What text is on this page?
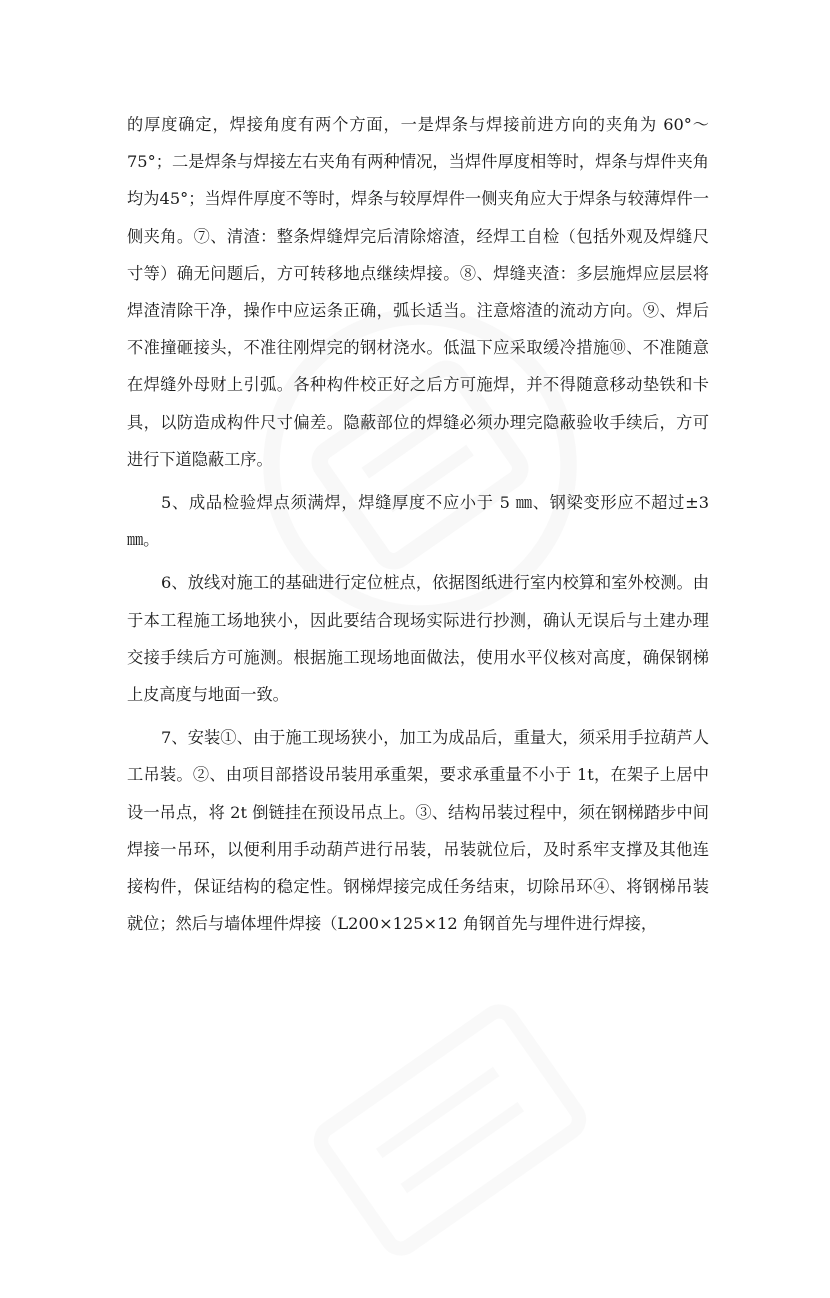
的厚度确定，焊接角度有两个方面，一是焊条与焊接前进方向的夹角为 60°～75°；二是焊条与焊接左右夹角有两种情况，当焊件厚度相等时，焊条与焊件夹角均为45°；当焊件厚度不等时，焊条与较厚焊件一侧夹角应大于焊条与较薄焊件一侧夹角。⑦、清渣：整条焊缝焊完后清除熔渣，经焊工自检（包括外观及焊缝尺寸等）确无问题后，方可转移地点继续焊接。⑧、焊缝夹渣：多层施焊应层层将焊渣清除干净，操作中应运条正确，弧长适当。注意熔渣的流动方向。⑨、焊后不准撞砸接头，不准往刚焊完的钢材浇水。低温下应采取缓冷措施⑩、不准随意在焊缝外母财上引弧。各种构件校正好之后方可施焊，并不得随意移动垫铁和卡具，以防造成构件尺寸偏差。隐蔽部位的焊缝必须办理完隐蔽验收手续后，方可进行下道隐蔽工序。

5、成品检验焊点须满焊，焊缝厚度不应小于 5 ㎜、钢梁变形应不超过±3 ㎜。

6、放线对施工的基础进行定位桩点，依据图纸进行室内校算和室外校测。由于本工程施工场地狭小，因此要结合现场实际进行抄测，确认无误后与土建办理交接手续后方可施测。根据施工现场地面做法，使用水平仪核对高度，确保钢梯上皮高度与地面一致。

7、安装①、由于施工现场狭小，加工为成品后，重量大，须采用手拉葫芦人工吊装。②、由项目部搭设吊装用承重架，要求承重量不小于 1t，在架子上居中设一吊点，将 2t 倒链挂在预设吊点上。③、结构吊装过程中，须在钢梯踏步中间焊接一吊环，以便利用手动葫芦进行吊装，吊装就位后，及时系牢支撑及其他连接构件，保证结构的稳定性。钢梯焊接完成任务结束，切除吊环④、将钢梯吊装就位；然后与墙体埋件焊接（L200×125×12 角钢首先与埋件进行焊接，
